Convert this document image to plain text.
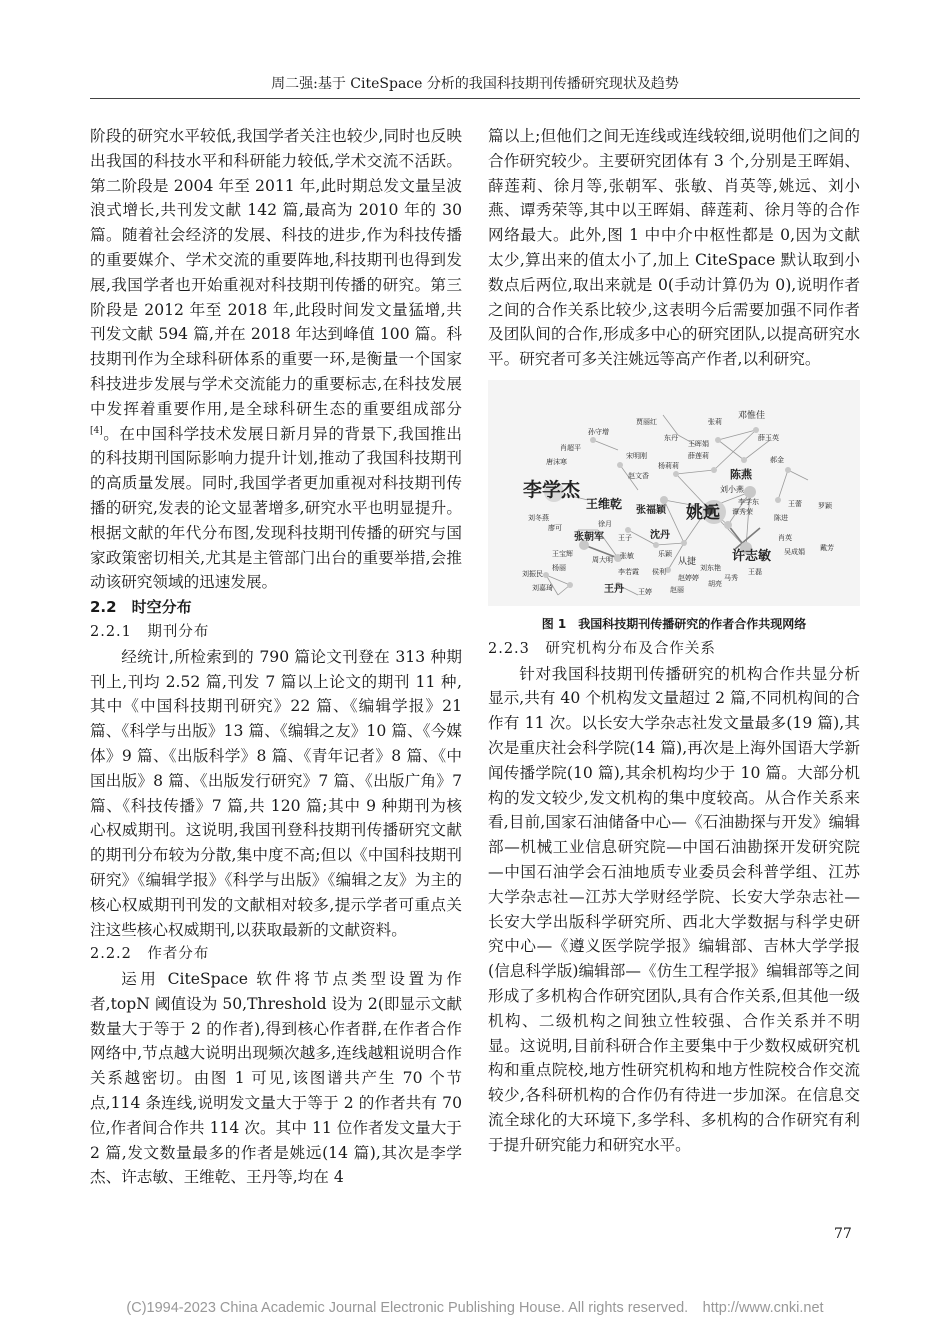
周二强:基于 CiteSpace 分析的我国科技期刊传播研究现状及趋势

阶段的研究水平较低,我国学者关注也较少,同时也反映出我国的科技水平和科研能力较低,学术交流不活跃。第二阶段是 2004 年至 2011 年,此时期总发文量呈波浪式增长,共刊发文献 142 篇,最高为 2010 年的 30 篇。随着社会经济的发展、科技的进步,作为科技传播的重要媒介、学术交流的重要阵地,科技期刊也得到发展,我国学者也开始重视对科技期刊传播的研究。第三阶段是 2012 年至 2018 年,此段时间发文量猛增,共刊发文献 594 篇,并在 2018 年达到峰值 100 篇。科技期刊作为全球科研体系的重要一环,是衡量一个国家科技进步发展与学术交流能力的重要标志,在科技发展中发挥着重要作用,是全球科研生态的重要组成部分[4]。在中国科学技术发展日新月异的背景下,我国推出的科技期刊国际影响力提升计划,推动了我国科技期刊的高质量发展。同时,我国学者更加重视对科技期刊传播的研究,发表的论文显著增多,研究水平也明显提升。根据文献的年代分布图,发现科技期刊传播的研究与国家政策密切相关,尤其是主管部门出台的重要举措,会推动该研究领域的迅速发展。

2.2　时空分布

2.2.1　期刊分布

经统计,所检索到的 790 篇论文刊登在 313 种期刊上,刊均 2.52 篇,刊发 7 篇以上论文的期刊 11 种,其中《中国科技期刊研究》22 篇、《编辑学报》21 篇、《科学与出版》13 篇、《编辑之友》10 篇、《今媒体》9 篇、《出版科学》8 篇、《青年记者》8 篇、《中国出版》8 篇、《出版发行研究》7 篇、《出版广角》7 篇、《科技传播》7 篇,共 120 篇;其中 9 种期刊为核心权威期刊。这说明,我国刊登科技期刊传播研究文献的期刊分布较为分散,集中度不高;但以《中国科技期刊研究》《编辑学报》《科学与出版》《编辑之友》为主的核心权威期刊刊发的文献相对较多,提示学者可重点关注这些核心权威期刊,以获取最新的文献资料。

2.2.2　作者分布

运用 CiteSpace 软件将节点类型设置为作者,topN 阈值设为 50,Threshold 设为 2(即显示文献数量大于等于 2 的作者),得到核心作者群,在作者合作网络中,节点越大说明出现频次越多,连线越粗说明合作关系越密切。由图 1 可见,该图谱共产生 70 个节点,114 条连线,说明发文量大于等于 2 的作者共有 70 位,作者间合作共 114 次。其中 11 位作者发文量大于 2 篇,发文数量最多的作者是姚远(14 篇),其次是李学杰、许志敏、王维乾、王丹等,均在 4

篇以上;但他们之间无连线或连线较细,说明他们之间的合作研究较少。主要研究团体有 3 个,分别是王晖娟、薛莲莉、徐月等,张朝军、张敏、肖英等,姚远、刘小燕、谭秀荣等,其中以王晖娟、薛莲莉、徐月等的合作网络最大。此外,图 1 中中介中枢性都是 0,因为文献太少,算出来的值太小了,加上 CiteSpace 默认取到小数点后两位,取出来就是 0(手动计算仍为 0),说明作者之间的合作关系比较少,这表明今后需要加强不同作者及团队间的合作,形成多中心的研究团队,以提高研究水平。研究者可多关注姚远等高产作者,以利研究。

李学杰
姚远
许志敏
王维乾
陈燕
张福颖
沈丹
张朝军
王丹
邓惟佳
从捷
刘小燕
贾丽红	张莉
孙守增
肖超平
唐沫寒
东丹
宋明刚
杨莉莉
赵文香
刘冬燕
薛莲莉
王晖娟
李学东
郝金
薛玉英
谭秀荣
陈进
廖可	徐月
王子
张敏	乐颖
肖英
王蕾 罗颖
侯利
赵婷婷
李若霞	刘东艳	王磊
刘振民
刘嘉琦
杨丽
王婷	赵丽
胡亮
吴成娟 戴芳
马秀
王宝辉
周大明

图 1　我国科技期刊传播研究的作者合作共现网络

2.2.3　研究机构分布及合作关系

针对我国科技期刊传播研究的机构合作共显分析显示,共有 40 个机构发文量超过 2 篇,不同机构间的合作有 11 次。以长安大学杂志社发文量最多(19 篇),其次是重庆社会科学院(14 篇),再次是上海外国语大学新闻传播学院(10 篇),其余机构均少于 10 篇。大部分机构的发文较少,发文机构的集中度较高。从合作关系来看,目前,国家石油储备中心—《石油勘探与开发》编辑部—机械工业信息研究院—中国石油勘探开发研究院—中国石油学会石油地质专业委员会科普学组、江苏大学杂志社—江苏大学财经学院、长安大学杂志社—长安大学出版科学研究所、西北大学数据与科学史研究中心—《遵义医学院学报》编辑部、吉林大学学报(信息科学版)编辑部—《仿生工程学报》编辑部等之间形成了多机构合作研究团队,具有合作关系,但其他一级机构、二级机构之间独立性较强、合作关系并不明显。这说明,目前科研合作主要集中于少数权威研究机构和重点院校,地方性研究机构和地方性院校合作交流较少,各科研机构的合作仍有待进一步加深。在信息交流全球化的大环境下,多学科、多机构的合作研究有利于提升研究能力和研究水平。

77
(C)1994-2023 China Academic Journal Electronic Publishing House. All rights reserved.　http://www.cnki.net
